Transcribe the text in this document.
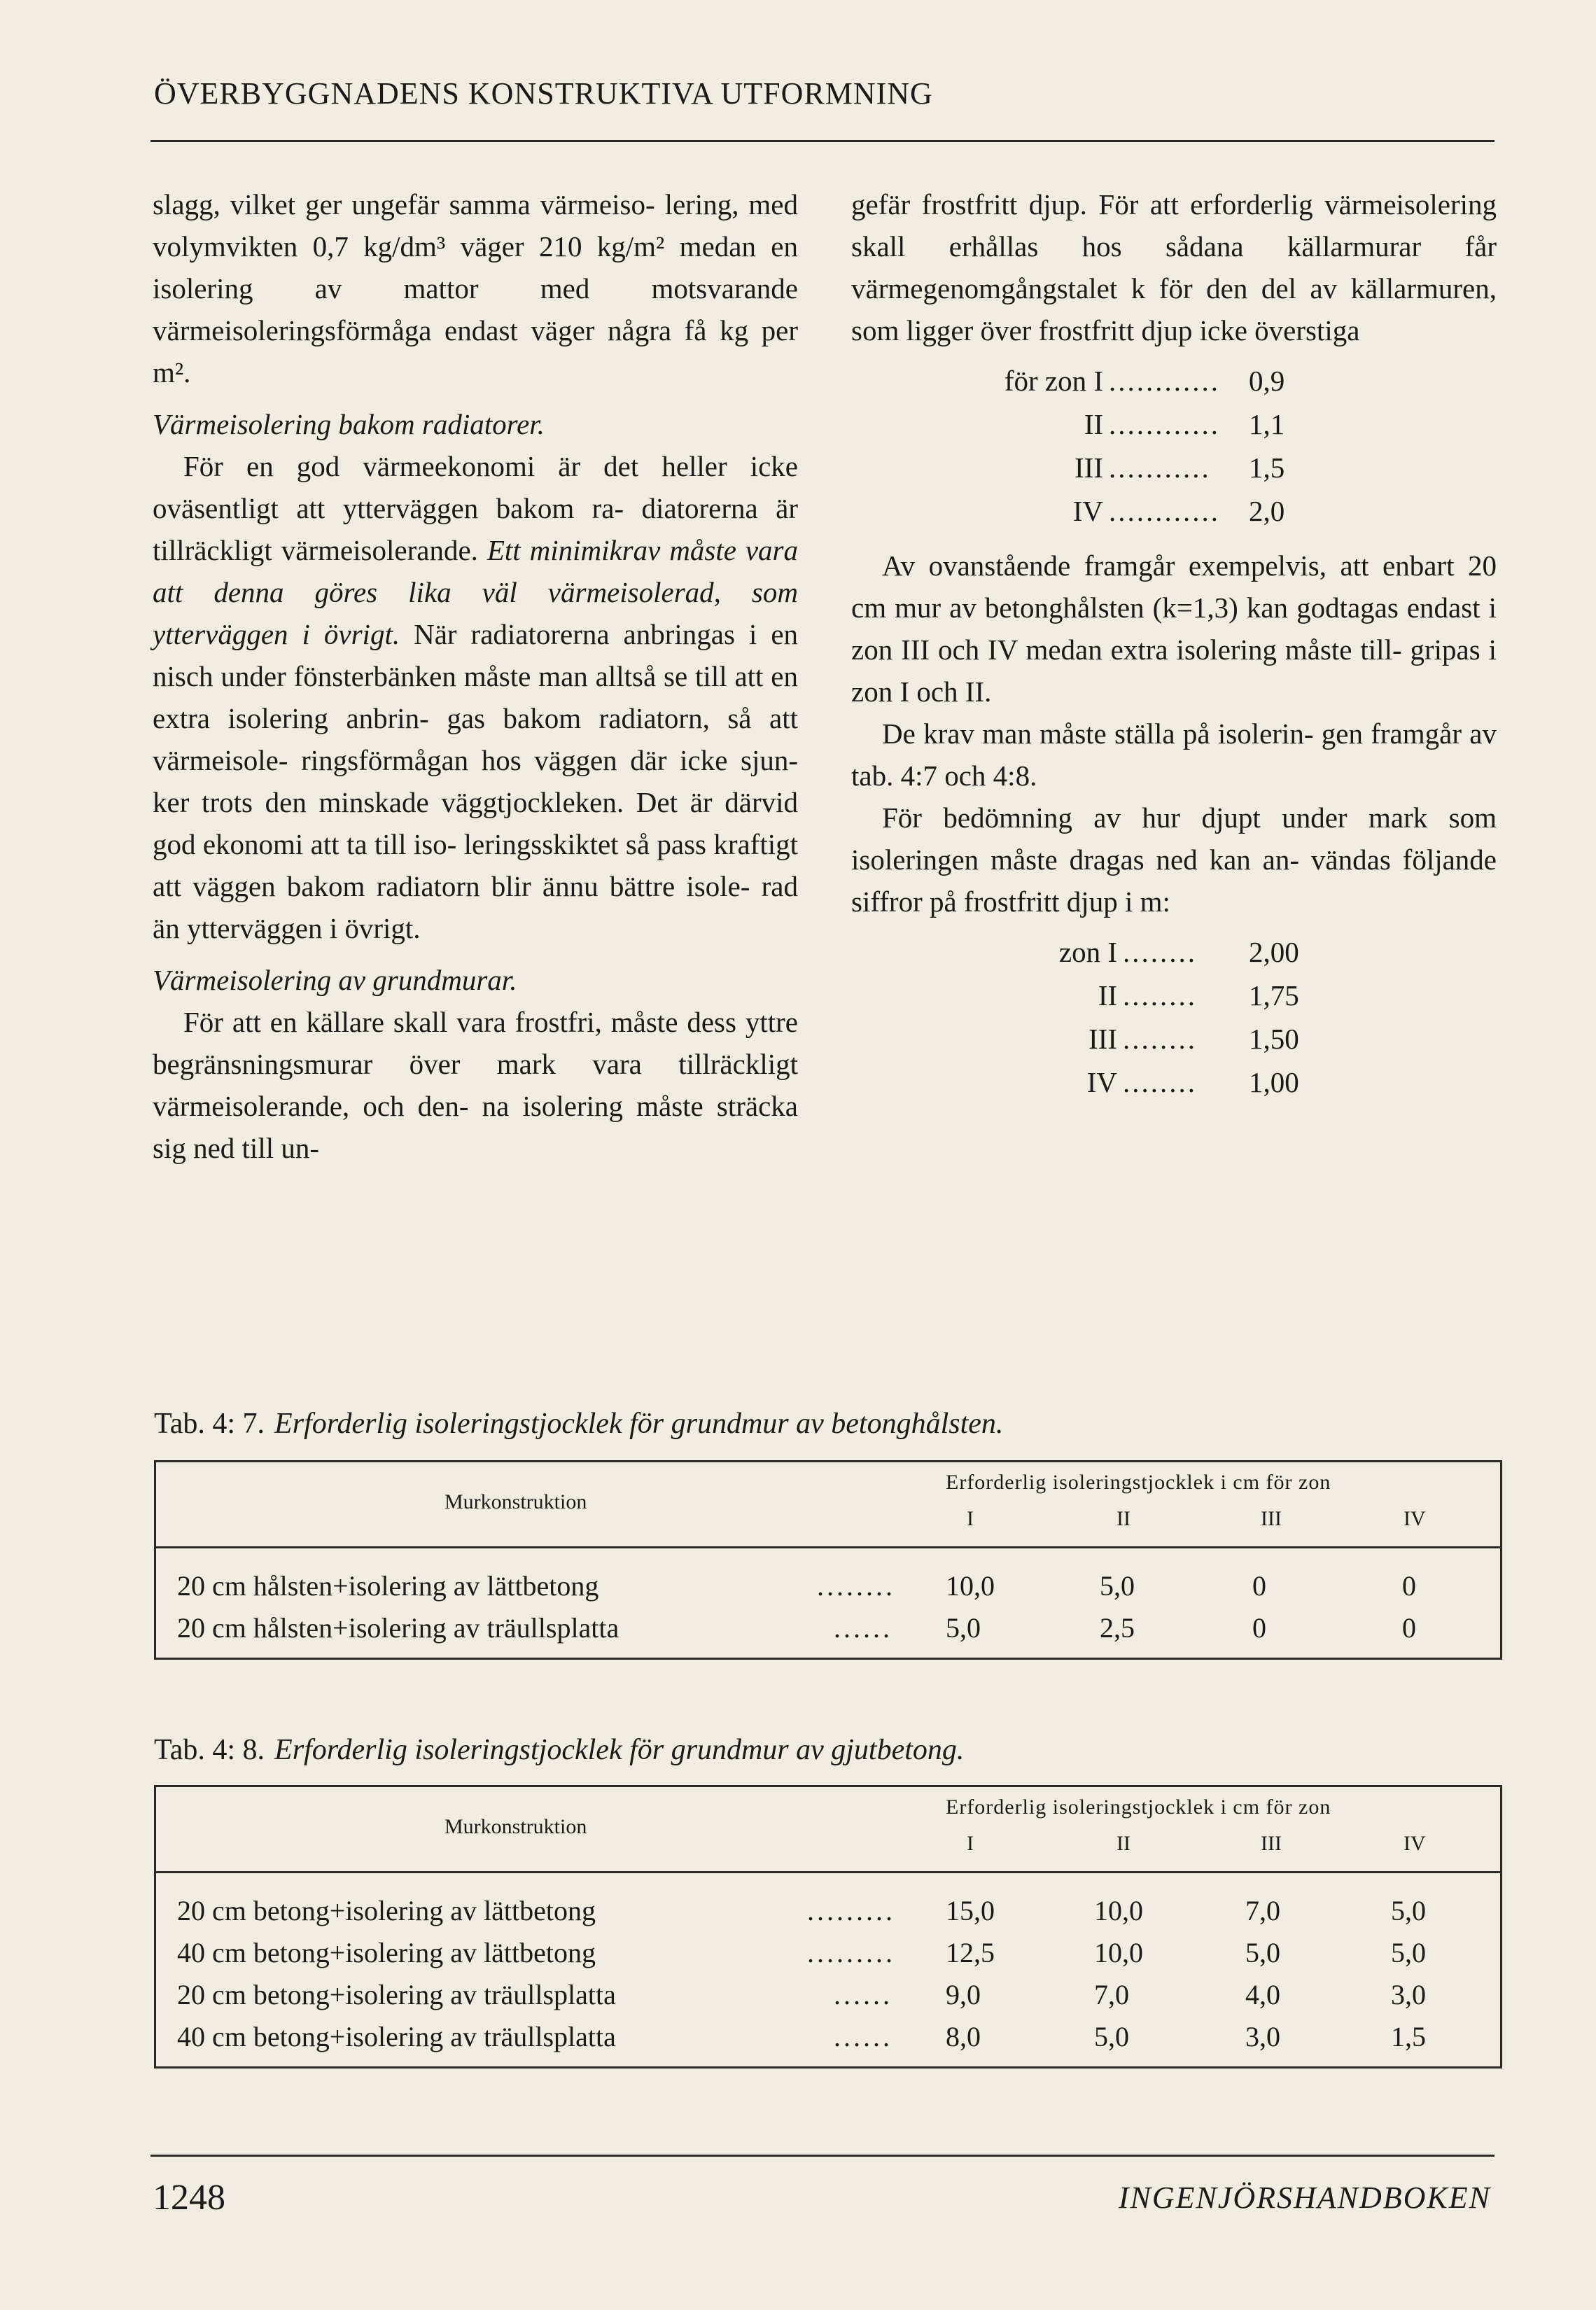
ÖVERBYGGNADENS KONSTRUKTIVA UTFORMNING

slagg, vilket ger ungefär samma värmeiso- lering, med volymvikten 0,7 kg/dm³ väger 210 kg/m² medan en isolering av mattor med motsvarande värmeisoleringsförmåga endast väger några få kg per m².

Värmeisolering bakom radiatorer.

För en god värmeekonomi är det heller icke oväsentligt att ytterväggen bakom ra- diatorerna är tillräckligt värmeisolerande. Ett minimikrav måste vara att denna göres lika väl värmeisolerad, som ytterväggen i övrigt. När radiatorerna anbringas i en nisch under fönsterbänken måste man alltså se till att en extra isolering anbrin- gas bakom radiatorn, så att värmeisole- ringsförmågan hos väggen där icke sjun- ker trots den minskade väggtjockleken. Det är därvid god ekonomi att ta till iso- leringsskiktet så pass kraftigt att väggen bakom radiatorn blir ännu bättre isole- rad än ytterväggen i övrigt.

Värmeisolering av grundmurar.

För att en källare skall vara frostfri, måste dess yttre begränsningsmurar över mark vara tillräckligt värmeisolerande, och den- na isolering måste sträcka sig ned till un-

gefär frostfritt djup. För att erforderlig värmeisolering skall erhållas hos sådana källarmurar får värmegenomgångstalet k för den del av källarmuren, som ligger över frostfritt djup icke överstiga

för zon I ............	0,9
II ............	1,1
III ...........	1,5
IV ............	2,0

Av ovanstående framgår exempelvis, att enbart 20 cm mur av betonghålsten (k=1,3) kan godtagas endast i zon III och IV medan extra isolering måste till- gripas i zon I och II.

De krav man måste ställa på isolerin- gen framgår av tab. 4:7 och 4:8.

För bedömning av hur djupt under mark som isoleringen måste dragas ned kan an- vändas följande siffror på frostfritt djup i m:

zon I ........	2,00
II ........	1,75
III ........	1,50
IV ........	1,00
Tab. 4: 7. Erforderlig isoleringstjocklek för grundmur av betonghålsten.
Murkonstruktion
Erforderlig isoleringstjocklek i cm för zon
I	II	III	IV
20 cm hålsten+isolering av lättbetong	........ 10,0	5,0	0	0
20 cm hålsten+isolering av träullsplatta	...... 5,0	2,5	0	0
Tab. 4: 8. Erforderlig isoleringstjocklek för grundmur av gjutbetong.
Murkonstruktion
Erforderlig isoleringstjocklek i cm för zon
I	II	III	IV
20 cm betong+isolering av lättbetong	......... 15,0	10,0	7,0	5,0
40 cm betong+isolering av lättbetong	......... 12,5	10,0	5,0	5,0
20 cm betong+isolering av träullsplatta	...... 9,0	7,0	4,0	3,0
40 cm betong+isolering av träullsplatta	...... 8,0	5,0	3,0	1,5
1248	INGENJÖRSHANDBOKEN
